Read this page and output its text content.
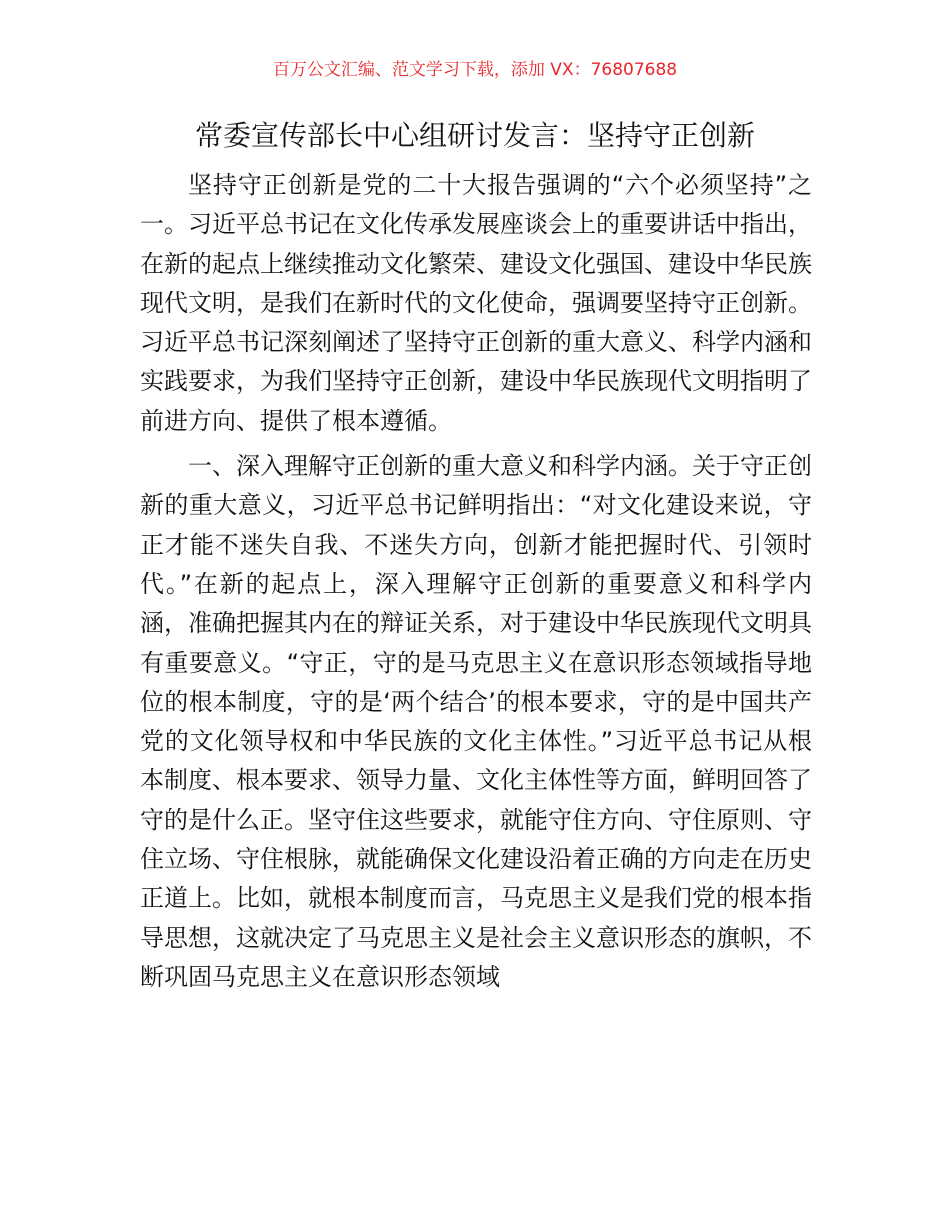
百万公文汇编、范文学习下载，添加 VX：76807688
常委宣传部长中心组研讨发言：坚持守正创新

坚持守正创新是党的二十大报告强调的“六个必须坚持”之一。习近平总书记在文化传承发展座谈会上的重要讲话中指出，在新的起点上继续推动文化繁荣、建设文化强国、建设中华民族现代文明，是我们在新时代的文化使命，强调要坚持守正创新。习近平总书记深刻阐述了坚持守正创新的重大意义、科学内涵和实践要求，为我们坚持守正创新，建设中华民族现代文明指明了前进方向、提供了根本遵循。

一、深入理解守正创新的重大意义和科学内涵。关于守正创新的重大意义，习近平总书记鲜明指出：“对文化建设来说，守正才能不迷失自我、不迷失方向，创新才能把握时代、引领时代。”在新的起点上，深入理解守正创新的重要意义和科学内涵，准确把握其内在的辩证关系，对于建设中华民族现代文明具有重要意义。“守正，守的是马克思主义在意识形态领域指导地位的根本制度，守的是‘两个结合’的根本要求，守的是中国共产党的文化领导权和中华民族的文化主体性。”习近平总书记从根本制度、根本要求、领导力量、文化主体性等方面，鲜明回答了守的是什么正。坚守住这些要求，就能守住方向、守住原则、守住立场、守住根脉，就能确保文化建设沿着正确的方向走在历史正道上。比如，就根本制度而言，马克思主义是我们党的根本指导思想，这就决定了马克思主义是社会主义意识形态的旗帜，不断巩固马克思主义在意识形态领域
